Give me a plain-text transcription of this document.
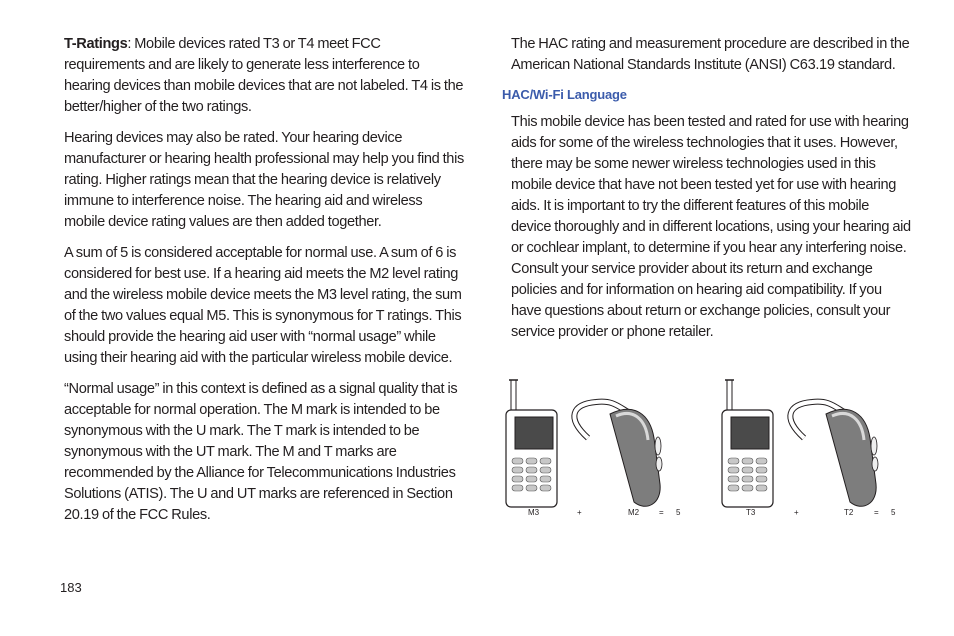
T-Ratings: Mobile devices rated T3 or T4 meet FCC requirements and are likely to generate less interference to hearing devices than mobile devices that are not labeled. T4 is the better/higher of the two ratings.

Hearing devices may also be rated. Your hearing device manufacturer or hearing health professional may help you find this rating. Higher ratings mean that the hearing device is relatively immune to interference noise. The hearing aid and wireless mobile device rating values are then added together.

A sum of 5 is considered acceptable for normal use. A sum of 6 is considered for best use. If a hearing aid meets the M2 level rating and the wireless mobile device meets the M3 level rating, the sum of the two values equal M5. This is synonymous for T ratings. This should provide the hearing aid user with “normal usage” while using their hearing aid with the particular wireless mobile device.

“Normal usage” in this context is defined as a signal quality that is acceptable for normal operation. The M mark is intended to be synonymous with the U mark. The T mark is intended to be synonymous with the UT mark. The M and T marks are recommended by the Alliance for Telecommunications Industries Solutions (ATIS). The U and UT marks are referenced in Section 20.19 of the FCC Rules.

The HAC rating and measurement procedure are described in the American National Standards Institute (ANSI) C63.19 standard.

HAC/Wi-Fi Language

This mobile device has been tested and rated for use with hearing aids for some of the wireless technologies that it uses. However, there may be some newer wireless technologies used in this mobile device that have not been tested yet for use with hearing aids. It is important to try the different features of this mobile device thoroughly and in different locations, using your hearing aid or cochlear implant, to determine if you hear any interfering noise. Consult your service provider about its return and exchange policies and for information on hearing aid compatibility. If you have questions about return or exchange policies, consult your service provider or phone retailer.

M3	+	M2 = 5	T3	+	T2	= 5
183
